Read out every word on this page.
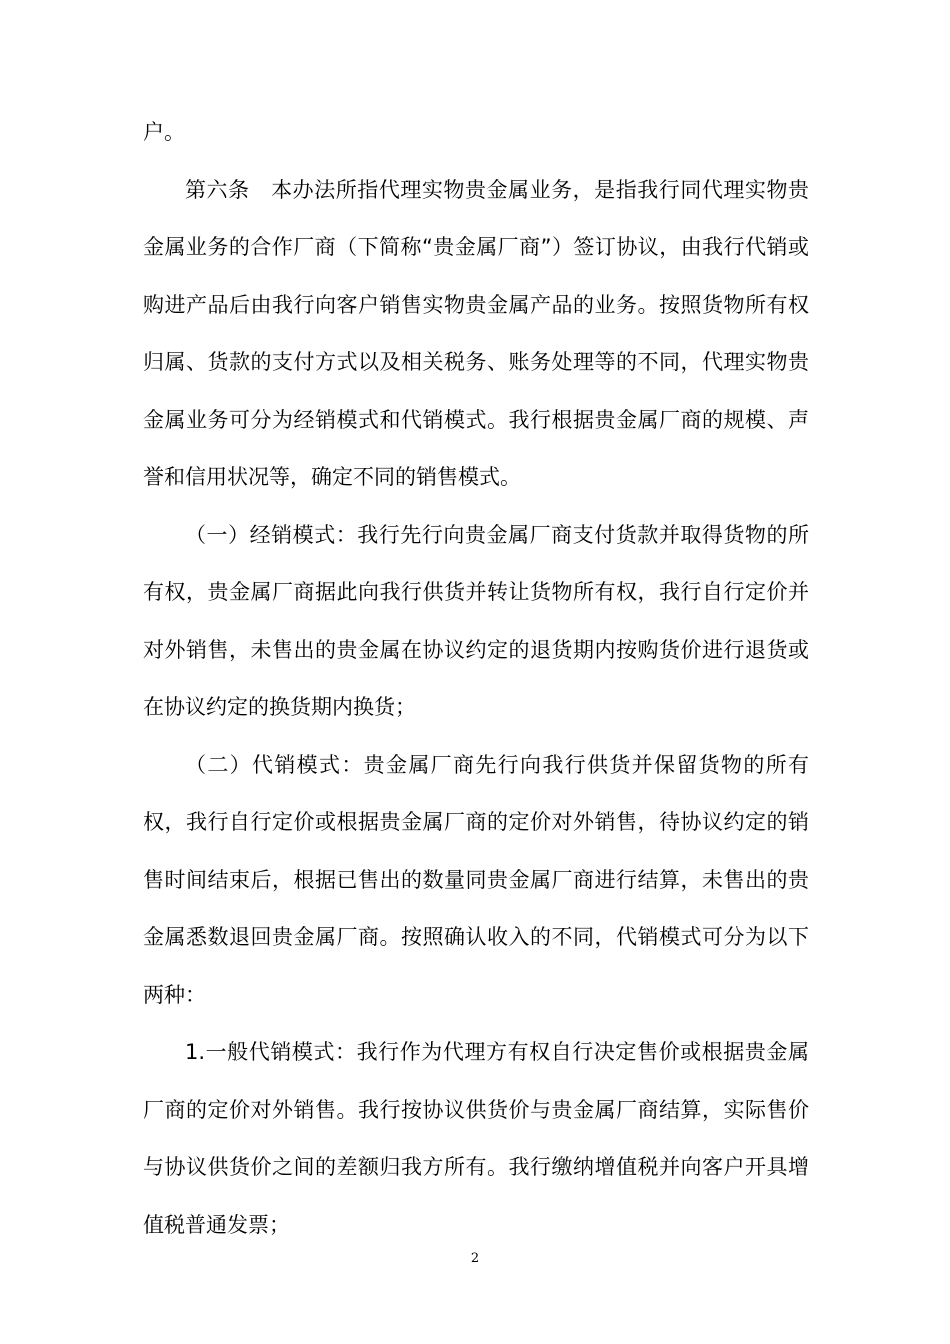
户。

第六条　本办法所指代理实物贵金属业务，是指我行同代理实物贵金属业务的合作厂商（下简称“贵金属厂商”）签订协议，由我行代销或购进产品后由我行向客户销售实物贵金属产品的业务。按照货物所有权归属、货款的支付方式以及相关税务、账务处理等的不同，代理实物贵金属业务可分为经销模式和代销模式。我行根据贵金属厂商的规模、声誉和信用状况等，确定不同的销售模式。

（一）经销模式：我行先行向贵金属厂商支付货款并取得货物的所有权，贵金属厂商据此向我行供货并转让货物所有权，我行自行定价并对外销售，未售出的贵金属在协议约定的退货期内按购货价进行退货或在协议约定的换货期内换货；

（二）代销模式：贵金属厂商先行向我行供货并保留货物的所有权，我行自行定价或根据贵金属厂商的定价对外销售，待协议约定的销售时间结束后，根据已售出的数量同贵金属厂商进行结算，未售出的贵金属悉数退回贵金属厂商。按照确认收入的不同，代销模式可分为以下两种：

1.一般代销模式：我行作为代理方有权自行决定售价或根据贵金属厂商的定价对外销售。我行按协议供货价与贵金属厂商结算，实际售价与协议供货价之间的差额归我方所有。我行缴纳增值税并向客户开具增值税普通发票；

2
